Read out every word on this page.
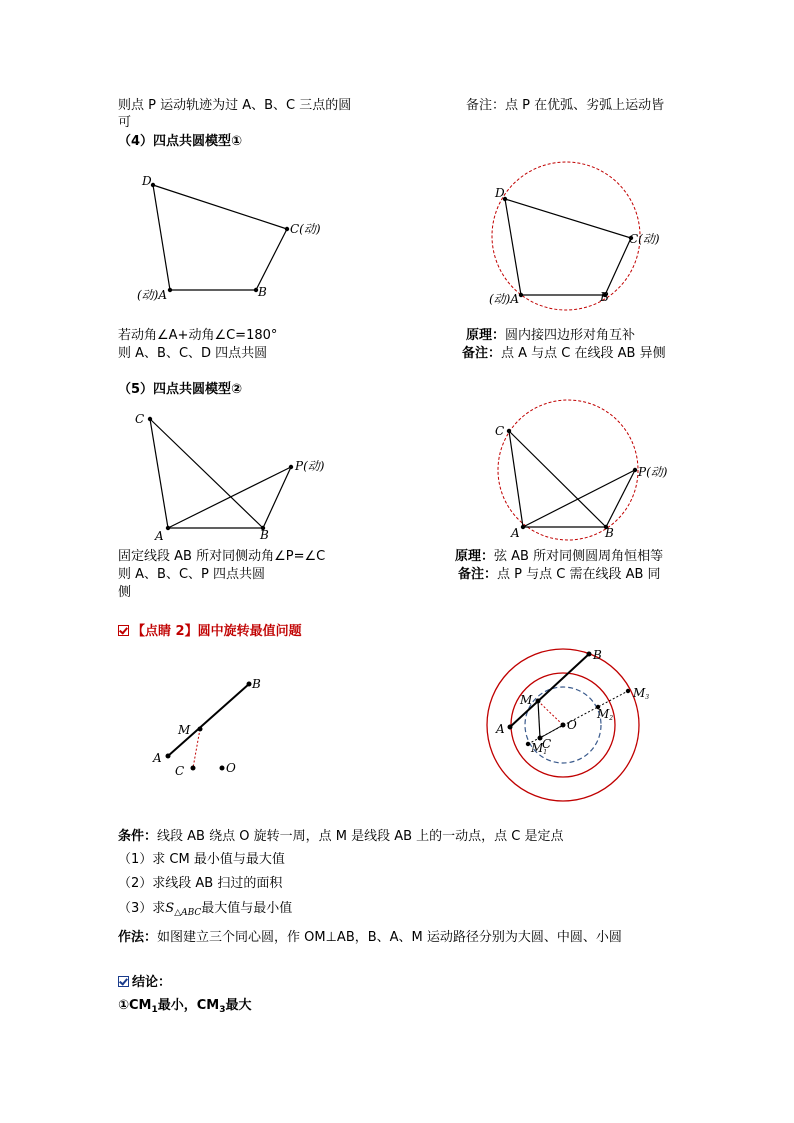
则点 P 运动轨迹为过 A、B、C 三点的圆
可
备注：点 P 在优弧、劣弧上运动皆
（4）四点共圆模型①
D
C(动)
(动)A	B
D
C(动)
(动)A	B
若动角∠A+动角∠C=180°
则 A、B、C、D 四点共圆
原理：圆内接四边形对角互补
备注：点 A 与点 C 在线段 AB 异侧
（5）四点共圆模型②
C
P(动)
A	B
C
P(动)
A	B
固定线段 AB 所对同侧动角∠P=∠C
则 A、B、C、P 四点共圆
侧
原理：弦 AB 所对同侧圆周角恒相等
备注：点 P 与点 C 需在线段 AB 同
【点睛 2】圆中旋转最值问题
B
M
A
C	O
B
M
A	O
C
M1
M2
M3
条件：线段 AB 绕点 O 旋转一周，点 M 是线段 AB 上的一动点，点 C 是定点
（1）求 CM 最小值与最大值
（2）求线段 AB 扫过的面积
（3）求$S_{\triangle ABC}$最大值与最小值
作法：如图建立三个同心圆，作 OM⊥AB，B、A、M 运动路径分别为大圆、中圆、小圆
结论：
$①CM_1$最小，$CM_3$最大
